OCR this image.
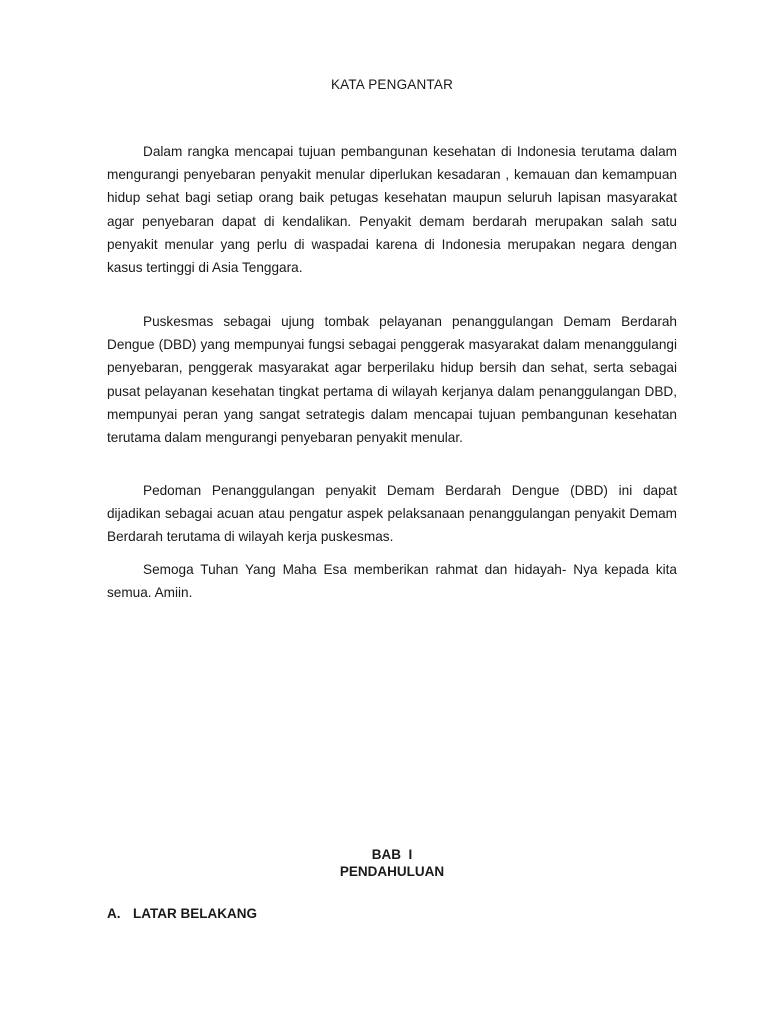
KATA PENGANTAR

Dalam rangka mencapai tujuan pembangunan kesehatan di Indonesia terutama dalam mengurangi penyebaran penyakit menular diperlukan kesadaran , kemauan dan kemampuan hidup sehat bagi setiap orang baik petugas kesehatan maupun seluruh lapisan masyarakat agar penyebaran dapat di kendalikan. Penyakit demam berdarah merupakan salah satu penyakit menular yang perlu di waspadai karena di Indonesia merupakan negara dengan kasus tertinggi di Asia Tenggara.

Puskesmas sebagai ujung tombak pelayanan penanggulangan Demam Berdarah Dengue (DBD) yang mempunyai fungsi sebagai penggerak masyarakat dalam menanggulangi penyebaran, penggerak masyarakat agar berperilaku hidup bersih dan sehat, serta sebagai pusat pelayanan kesehatan tingkat pertama di wilayah kerjanya dalam penanggulangan DBD, mempunyai peran yang sangat setrategis dalam mencapai tujuan pembangunan kesehatan terutama dalam mengurangi penyebaran penyakit menular.

Pedoman Penanggulangan penyakit Demam Berdarah Dengue (DBD) ini dapat dijadikan sebagai acuan atau pengatur aspek pelaksanaan penanggulangan penyakit Demam Berdarah terutama di wilayah kerja puskesmas.

Semoga Tuhan Yang Maha Esa memberikan rahmat dan hidayah- Nya kepada kita semua. Amiin.

BAB  I
PENDAHULUAN
A. LATAR BELAKANG
